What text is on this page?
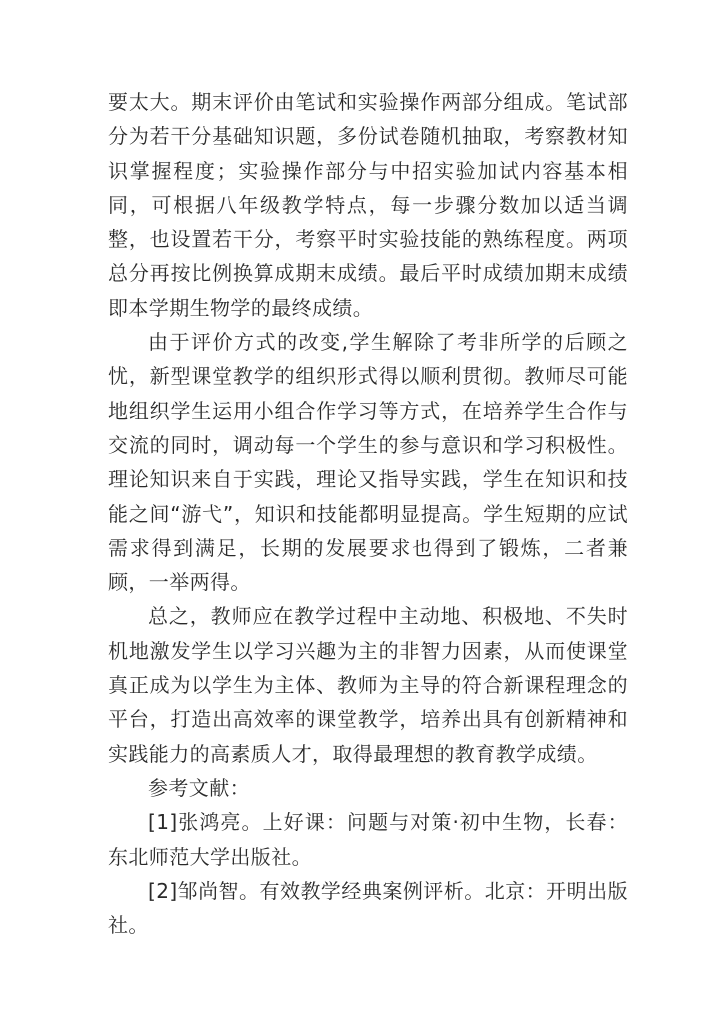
要太大。期末评价由笔试和实验操作两部分组成。笔试部分为若干分基础知识题，多份试卷随机抽取，考察教材知识掌握程度；实验操作部分与中招实验加试内容基本相同，可根据八年级教学特点，每一步骤分数加以适当调整，也设置若干分，考察平时实验技能的熟练程度。两项总分再按比例换算成期末成绩。最后平时成绩加期末成绩即本学期生物学的最终成绩。

由于评价方式的改变,学生解除了考非所学的后顾之忧，新型课堂教学的组织形式得以顺利贯彻。教师尽可能地组织学生运用小组合作学习等方式，在培养学生合作与交流的同时，调动每一个学生的参与意识和学习积极性。理论知识来自于实践，理论又指导实践，学生在知识和技能之间“游弋”，知识和技能都明显提高。学生短期的应试需求得到满足，长期的发展要求也得到了锻炼，二者兼顾，一举两得。

总之，教师应在教学过程中主动地、积极地、不失时机地激发学生以学习兴趣为主的非智力因素，从而使课堂真正成为以学生为主体、教师为主导的符合新课程理念的平台，打造出高效率的课堂教学，培养出具有创新精神和实践能力的高素质人才，取得最理想的教育教学成绩。

参考文献：

[1]张鸿亮。上好课：问题与对策·初中生物，长春：东北师范大学出版社。

[2]邹尚智。有效教学经典案例评析。北京：开明出版社。
